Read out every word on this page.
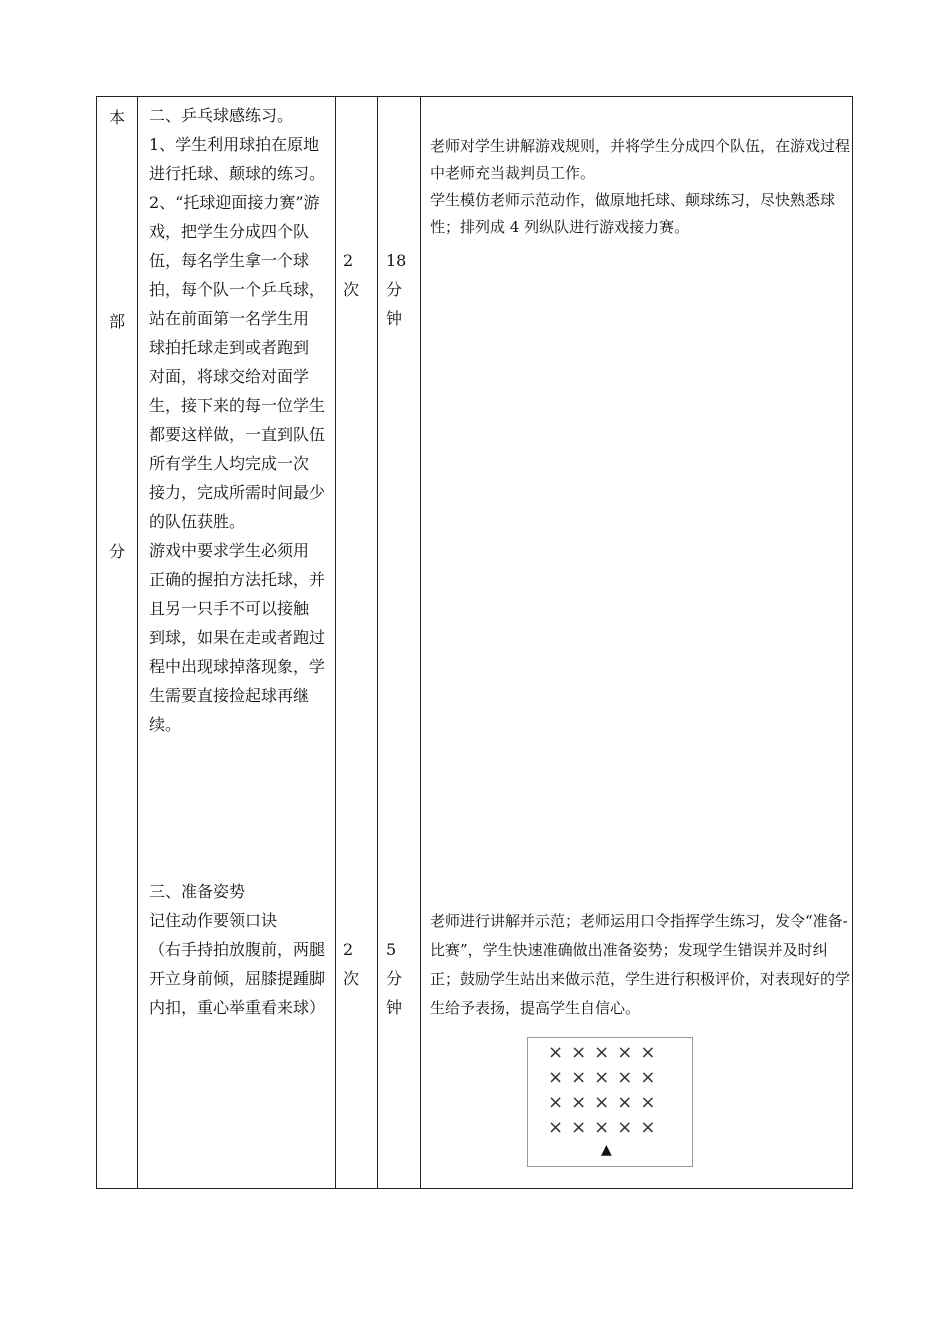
本
部
分

二、乒乓球感练习。

1、学生利用球拍在原地

进行托球、颠球的练习。

2、“托球迎面接力赛”游

戏，把学生分成四个队

伍，每名学生拿一个球

拍，每个队一个乒乓球，

站在前面第一名学生用

球拍托球走到或者跑到

对面，将球交给对面学

生，接下来的每一位学生

都要这样做，一直到队伍

所有学生人均完成一次

接力，完成所需时间最少

的队伍获胜。

游戏中要求学生必须用

正确的握拍方法托球，并

且另一只手不可以接触

到球，如果在走或者跑过

程中出现球掉落现象，学

生需要直接捡起球再继

续。

2
次
18
分
钟

老师对学生讲解游戏规则，并将学生分成四个队伍，在游戏过程中老师充当裁判员工作。

学生模仿老师示范动作，做原地托球、颠球练习，尽快熟悉球性；排列成 4 列纵队进行游戏接力赛。

三、准备姿势

记住动作要领口诀

（右手持拍放腹前，两腿

开立身前倾，屈膝提踵脚

内扣，重心举重看来球）

2
次
5
分
钟

老师进行讲解并示范；老师运用口令指挥学生练习，发令“准备-比赛”，学生快速准确做出准备姿势；发现学生错误并及时纠正；鼓励学生站出来做示范，学生进行积极评价，对表现好的学生给予表扬，提高学生自信心。

×××××
×××××
×××××
×××××
▲
